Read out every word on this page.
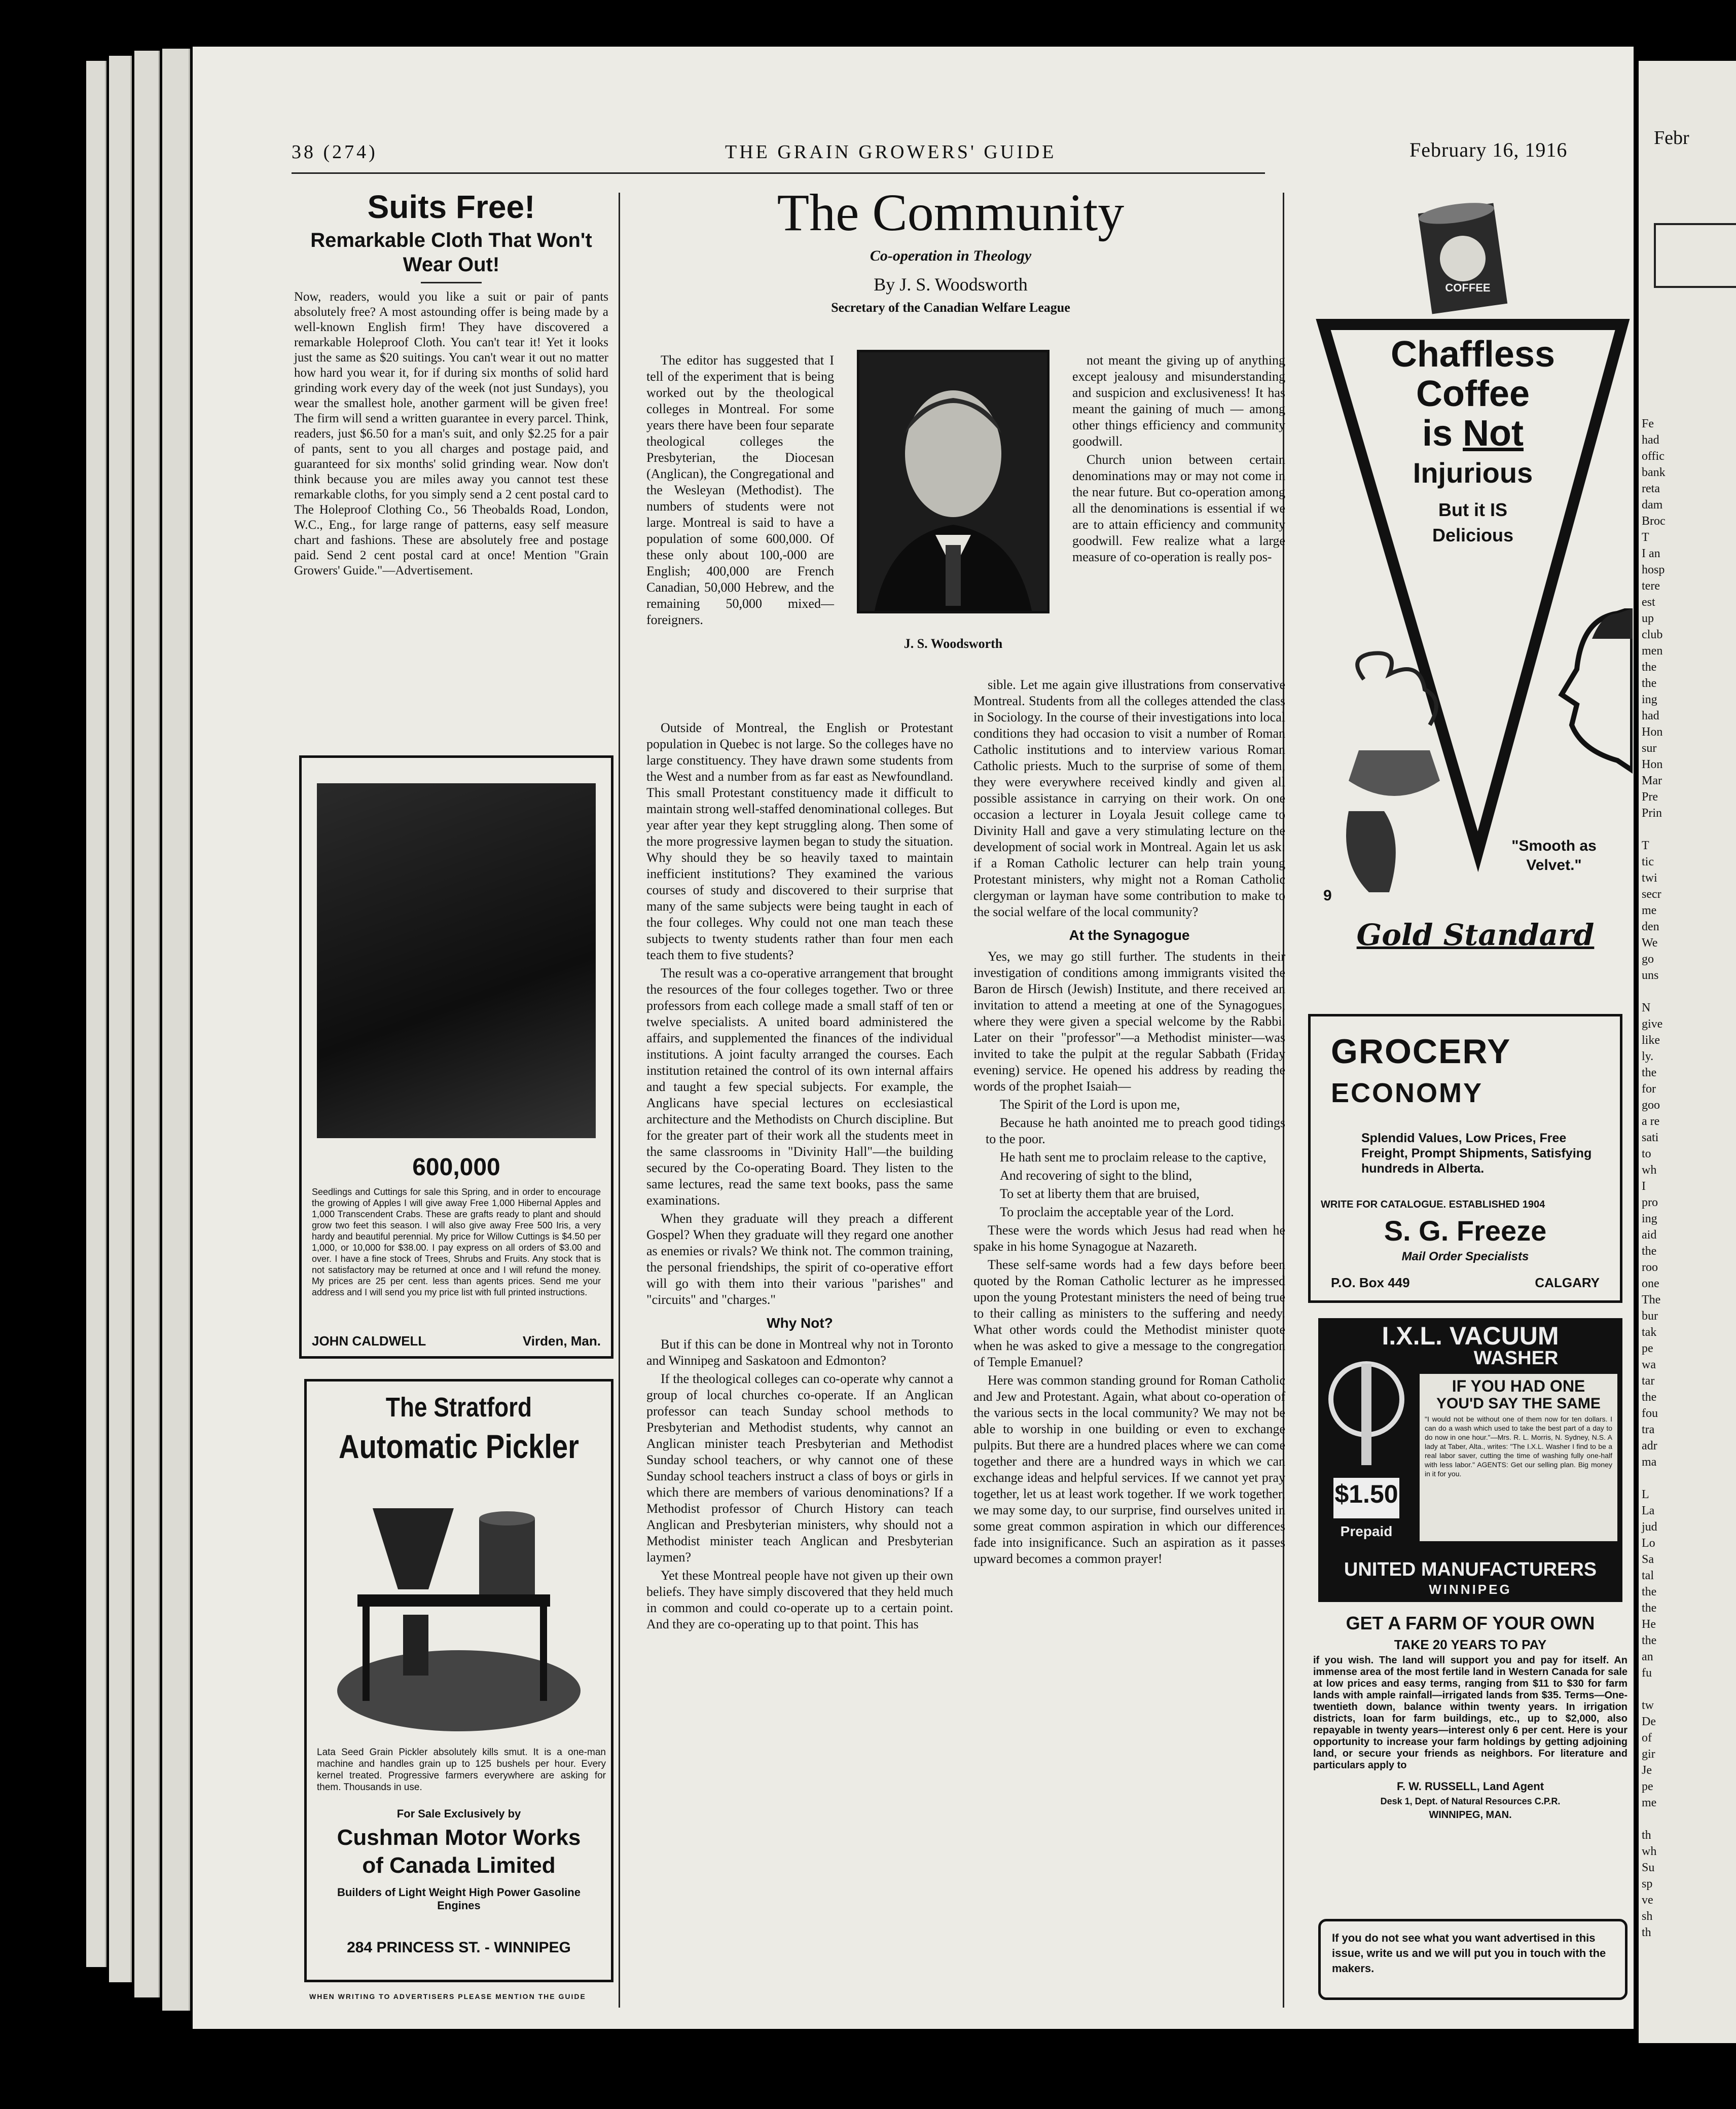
Febr
Fe
had
offic
bank
reta
dam
Broc
T
I an
hosp
tere
est
up
club
men
the
the
ing
had
Hon
sur
Hon
Mar
Pre
Prin

T
tic
twi
secr
me
den
We
go
uns

N
give
like
ly.
the
for
goo
a re
sati
to
wh
I
pro
ing
aid
the
roo
one
The
bur
tak
pe
wa
tar
the
fou
tra
adr
ma

L
La
jud
Lo
Sa
tal
the
the
He
the
an
fu

tw
De
of
gir
Je
pe
me

th
wh
Su
sp
ve
sh
th
38 (274)	THE GRAIN GROWERS' GUIDE	February 16, 1916
Suits Free!
Remarkable Cloth That Won't Wear Out!
Now, readers, would you like a suit or pair of pants absolutely free? A most astounding offer is being made by a well-known English firm! They have discovered a remarkable Holeproof Cloth. You can't tear it! Yet it looks just the same as $20 suitings. You can't wear it out no matter how hard you wear it, for if during six months of solid hard grinding work every day of the week (not just Sundays), you wear the smallest hole, another garment will be given free! The firm will send a written guarantee in every parcel. Think, readers, just $6.50 for a man's suit, and only $2.25 for a pair of pants, sent to you all charges and postage paid, and guaranteed for six months' solid grinding wear. Now don't think because you are miles away you cannot test these remarkable cloths, for you simply send a 2 cent postal card to The Holeproof Clothing Co., 56 Theobalds Road, London, W.C., Eng., for large range of patterns, easy self measure chart and fashions. These are absolutely free and postage paid. Send 2 cent postal card at once! Mention "Grain Growers' Guide."—Advertisement.
600,000
Seedlings and Cuttings for sale this Spring, and in order to encourage the growing of Apples I will give away Free 1,000 Hibernal Apples and 1,000 Transcendent Crabs. These are grafts ready to plant and should grow two feet this season. I will also give away Free 500 Iris, a very hardy and beautiful perennial. My price for Willow Cuttings is $4.50 per 1,000, or 10,000 for $38.00. I pay express on all orders of $3.00 and over. I have a fine stock of Trees, Shrubs and Fruits. Any stock that is not satisfactory may be returned at once and I will refund the money. My prices are 25 per cent. less than agents prices. Send me your address and I will send you my price list with full printed instructions.
JOHN CALDWELL	Virden, Man.
The Stratford
Automatic Pickler
Lata Seed Grain Pickler absolutely kills smut. It is a one-man machine and handles grain up to 125 bushels per hour. Every kernel treated. Progressive farmers everywhere are asking for them. Thousands in use.
For Sale Exclusively by
Cushman Motor Works
of Canada Limited
Builders of Light Weight High Power Gasoline Engines
284 PRINCESS ST. - WINNIPEG
WHEN WRITING TO ADVERTISERS PLEASE MENTION THE GUIDE
The Community
Co-operation in Theology
By J. S. Woodsworth
Secretary of the Canadian Welfare League
J. S. Woodsworth

The editor has suggested that I tell of the experiment that is being worked out by the theological colleges in Montreal. For some years there have been four separate theological colleges the Presbyterian, the Diocesan (Anglican), the Congregational and the Wesleyan (Methodist). The numbers of students were not large. Montreal is said to have a population of some 600,000. Of these only about 100,-000 are English; 400,000 are French Canadian, 50,000 Hebrew, and the remaining 50,000 mixed—foreigners.

Outside of Montreal, the English or Protestant population in Quebec is not large. So the colleges have no large constituency. They have drawn some students from the West and a number from as far east as Newfoundland. This small Protestant constituency made it difficult to maintain strong well-staffed denominational colleges. But year after year they kept struggling along. Then some of the more progressive laymen began to study the situation. Why should they be so heavily taxed to maintain inefficient institutions? They examined the various courses of study and discovered to their surprise that many of the same subjects were being taught in each of the four colleges. Why could not one man teach these subjects to twenty students rather than four men each teach them to five students?

The result was a co-operative arrangement that brought the resources of the four colleges together. Two or three professors from each college made a small staff of ten or twelve specialists. A united board administered the affairs, and supplemented the finances of the individual institutions. A joint faculty arranged the courses. Each institution retained the control of its own internal affairs and taught a few special subjects. For example, the Anglicans have special lectures on ecclesiastical architecture and the Methodists on Church discipline. But for the greater part of their work all the students meet in the same classrooms in "Divinity Hall"—the building secured by the Co-operating Board. They listen to the same lectures, read the same text books, pass the same examinations.

When they graduate will they preach a different Gospel? When they graduate will they regard one another as enemies or rivals? We think not. The common training, the personal friendships, the spirit of co-operative effort will go with them into their various "parishes" and "circuits" and "charges."

Why Not?

But if this can be done in Montreal why not in Toronto and Winnipeg and Saskatoon and Edmonton?

If the theological colleges can co-operate why cannot a group of local churches co-operate. If an Anglican professor can teach Sunday school methods to Presbyterian and Methodist students, why cannot an Anglican minister teach Presbyterian and Methodist Sunday school teachers, or why cannot one of these Sunday school teachers instruct a class of boys or girls in which there are members of various denominations? If a Methodist professor of Church History can teach Anglican and Presbyterian ministers, why should not a Methodist minister teach Anglican and Presbyterian laymen?

Yet these Montreal people have not given up their own beliefs. They have simply discovered that they held much in common and could co-operate up to a certain point. And they are co-operating up to that point. This has

not meant the giving up of anything except jealousy and misunderstanding and suspicion and exclusiveness! It has meant the gaining of much — among other things efficiency and community goodwill.

Church union between certain denominations may or may not come in the near future. But co-operation among all the denominations is essential if we are to attain efficiency and community goodwill. Few realize what a large measure of co-operation is really pos-

sible. Let me again give illustrations from conservative Montreal. Students from all the colleges attended the class in Sociology. In the course of their investigations into local conditions they had occasion to visit a number of Roman Catholic institutions and to interview various Roman Catholic priests. Much to the surprise of some of them, they were everywhere received kindly and given all possible assistance in carrying on their work. On one occasion a lecturer in Loyala Jesuit college came to Divinity Hall and gave a very stimulating lecture on the development of social work in Montreal. Again let us ask: if a Roman Catholic lecturer can help train young Protestant ministers, why might not a Roman Catholic clergyman or layman have some contribution to make to the social welfare of the local community?

At the Synagogue

Yes, we may go still further. The students in their investigation of conditions among immigrants visited the Baron de Hirsch (Jewish) Institute, and there received an invitation to attend a meeting at one of the Synagogues, where they were given a special welcome by the Rabbi. Later on their "professor"—a Methodist minister—was invited to take the pulpit at the regular Sabbath (Friday evening) service. He opened his address by reading the words of the prophet Isaiah—

The Spirit of the Lord is upon me,

Because he hath anointed me to preach good tidings to the poor.

He hath sent me to proclaim release to the captive,

And recovering of sight to the blind,

To set at liberty them that are bruised,

To proclaim the acceptable year of the Lord.

These were the words which Jesus had read when he spake in his home Synagogue at Nazareth.

These self-same words had a few days before been quoted by the Roman Catholic lecturer as he impressed upon the young Protestant ministers the need of being true to their calling as ministers to the suffering and needy. What other words could the Methodist minister quote when he was asked to give a message to the congregation of Temple Emanuel?

Here was common standing ground for Roman Catholic and Jew and Protestant. Again, what about co-operation of the various sects in the local community? We may not be able to worship in one building or even to exchange pulpits. But there are a hundred places where we can come together and there are a hundred ways in which we can exchange ideas and helpful services. If we cannot yet pray together, let us at least work together. If we work together, we may some day, to our surprise, find ourselves united in some great common aspiration in which our differences fade into insignificance. Such an aspiration as it passes upward becomes a common prayer!

COFFEE
Chaffless
Coffee
is Not
Injurious
But it IS
Delicious
"Smooth as Velvet."
9
Gold Standard
GROCERY
ECONOMY
Splendid Values, Low Prices, Free Freight, Prompt Shipments, Satisfying hundreds in Alberta.
WRITE FOR CATALOGUE. ESTABLISHED 1904
S. G. Freeze
Mail Order Specialists
P.O. Box 449	CALGARY
I.X.L. VACUUM
WASHER
$1.50
Prepaid
IF YOU HAD ONE
YOU'D SAY THE SAME
"I would not be without one of them now for ten dollars. I can do a wash which used to take the best part of a day to do now in one hour."—Mrs. R. L. Morris, N. Sydney, N.S. A lady at Taber, Alta., writes: "The I.X.L. Washer I find to be a real labor saver, cutting the time of washing fully one-half with less labor." AGENTS: Get our selling plan. Big money in it for you.
UNITED MANUFACTURERS
WINNIPEG
GET A FARM OF YOUR OWN
TAKE 20 YEARS TO PAY
if you wish. The land will support you and pay for itself. An immense area of the most fertile land in Western Canada for sale at low prices and easy terms, ranging from $11 to $30 for farm lands with ample rainfall—irrigated lands from $35. Terms—One-twentieth down, balance within twenty years. In irrigation districts, loan for farm buildings, etc., up to $2,000, also repayable in twenty years—interest only 6 per cent. Here is your opportunity to increase your farm holdings by getting adjoining land, or secure your friends as neighbors. For literature and particulars apply to
F. W. RUSSELL, Land Agent
Desk 1, Dept. of Natural Resources C.P.R.
WINNIPEG, MAN.
If you do not see what you want advertised in this issue, write us and we will put you in touch with the makers.
